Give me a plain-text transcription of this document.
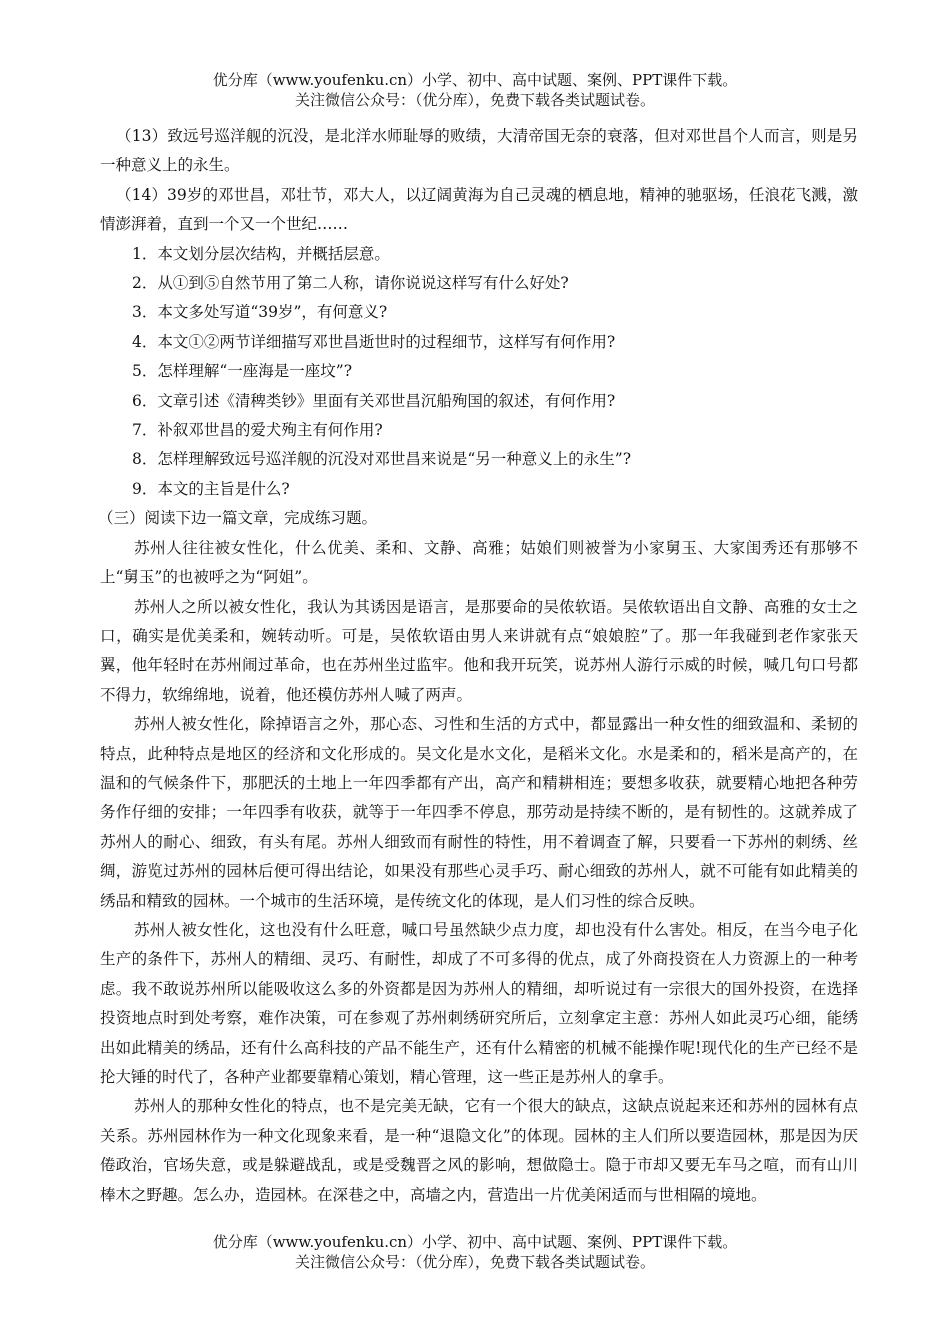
优分库（www.youfenku.cn）小学、初中、高中试题、案例、PPT课件下载。
关注微信公众号：（优分库），免费下载各类试题试卷。

（13）致远号巡洋舰的沉没，是北洋水师耻辱的败绩，大清帝国无奈的衰落，但对邓世昌个人而言，则是另一种意义上的永生。

（14）39岁的邓世昌，邓壮节，邓大人，以辽阔黄海为自己灵魂的栖息地，精神的驰驱场，任浪花飞溅，激情澎湃着，直到一个又一个世纪……

1．本文划分层次结构，并概括层意。
2．从①到⑤自然节用了第二人称，请你说说这样写有什么好处?
3．本文多处写道“39岁”，有何意义?
4．本文①②两节详细描写邓世昌逝世时的过程细节，这样写有何作用?
5．怎样理解“一座海是一座坟”?
6．文章引述《清稗类钞》里面有关邓世昌沉船殉国的叙述，有何作用?
7．补叙邓世昌的爱犬殉主有何作用?
8．怎样理解致远号巡洋舰的沉没对邓世昌来说是“另一种意义上的永生”?
9．本文的主旨是什么?
（三）阅读下边一篇文章，完成练习题。

苏州人往往被女性化，什么优美、柔和、文静、高雅；姑娘们则被誉为小家舅玉、大家闺秀还有那够不上“舅玉”的也被呼之为“阿姐”。

苏州人之所以被女性化，我认为其诱因是语言，是那要命的吴侬软语。吴侬软语出自文静、高雅的女士之口，确实是优美柔和，婉转动听。可是，吴侬软语由男人来讲就有点“娘娘腔”了。那一年我碰到老作家张天翼，他年轻时在苏州闹过革命，也在苏州坐过监牢。他和我开玩笑，说苏州人游行示威的时候，喊几句口号都不得力，软绵绵地，说着，他还模仿苏州人喊了两声。

苏州人被女性化，除掉语言之外，那心态、习性和生活的方式中，都显露出一种女性的细致温和、柔韧的特点，此种特点是地区的经济和文化形成的。吴文化是水文化，是稻米文化。水是柔和的，稻米是高产的，在温和的气候条件下，那肥沃的土地上一年四季都有产出，高产和精耕相连；要想多收获，就要精心地把各种劳务作仔细的安排；一年四季有收获，就等于一年四季不停息，那劳动是持续不断的，是有韧性的。这就养成了苏州人的耐心、细致，有头有尾。苏州人细致而有耐性的特性，用不着调查了解，只要看一下苏州的刺绣、丝绸，游览过苏州的园林后便可得出结论，如果没有那些心灵手巧、耐心细致的苏州人，就不可能有如此精美的绣品和精致的园林。一个城市的生活环境，是传统文化的体现，是人们习性的综合反映。

苏州人被女性化，这也没有什么旺意，喊口号虽然缺少点力度，却也没有什么害处。相反，在当今电子化生产的条件下，苏州人的精细、灵巧、有耐性，却成了不可多得的优点，成了外商投资在人力资源上的一种考虑。我不敢说苏州所以能吸收这么多的外资都是因为苏州人的精细，却听说过有一宗很大的国外投资，在选择投资地点时到处考察，难作决策，可在参观了苏州刺绣研究所后，立刻拿定主意：苏州人如此灵巧心细，能绣出如此精美的绣品，还有什么高科技的产品不能生产，还有什么精密的机械不能操作呢!现代化的生产已经不是抡大锤的时代了，各种产业都要靠精心策划，精心管理，这一些正是苏州人的拿手。

苏州人的那种女性化的特点，也不是完美无缺，它有一个很大的缺点，这缺点说起来还和苏州的园林有点关系。苏州园林作为一种文化现象来看，是一种“退隐文化”的体现。园林的主人们所以要造园林，那是因为厌倦政治，官场失意，或是躲避战乱，或是受魏晋之风的影响，想做隐士。隐于市却又要无车马之喧，而有山川棒木之野趣。怎么办，造园林。在深巷之中，高墙之内，营造出一片优美闲适而与世相隔的境地。

优分库（www.youfenku.cn）小学、初中、高中试题、案例、PPT课件下载。
关注微信公众号：（优分库），免费下载各类试题试卷。
